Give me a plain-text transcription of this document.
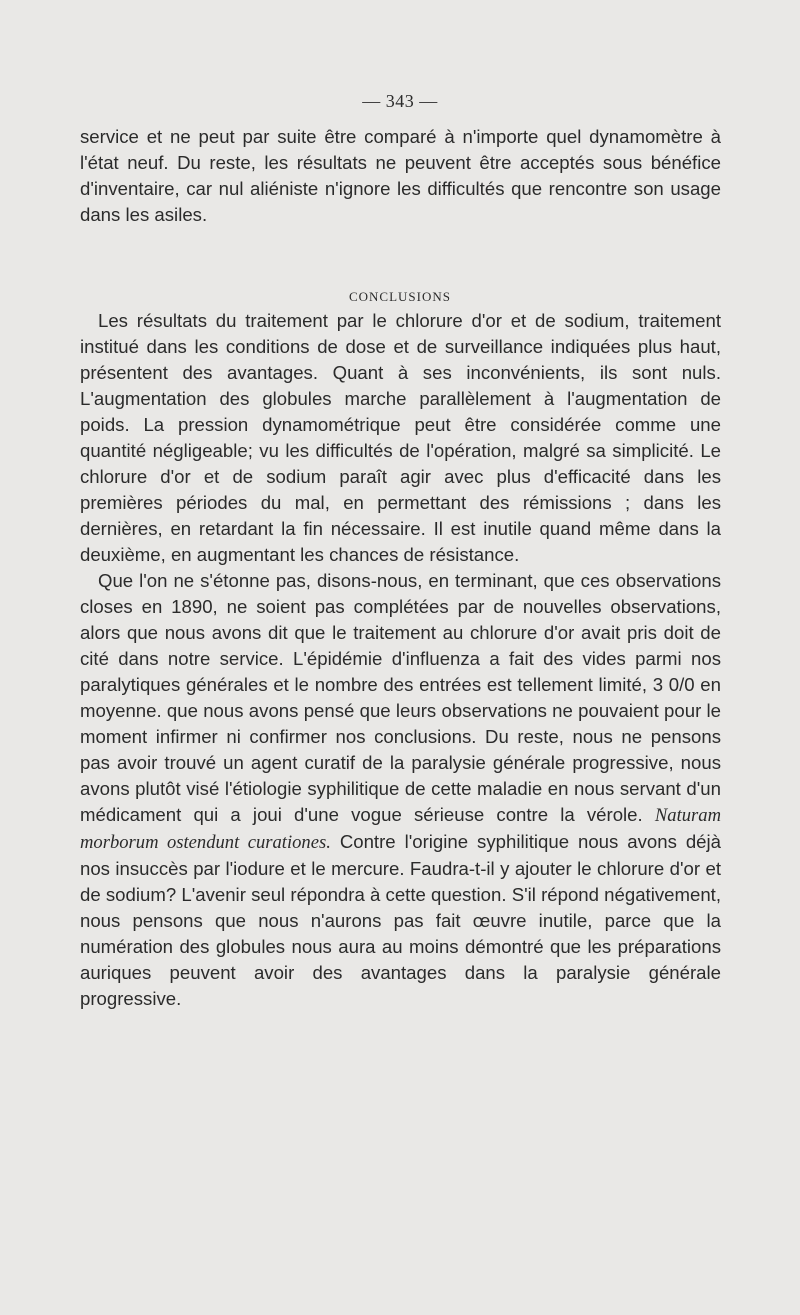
— 343 —

service et ne peut par suite être comparé à n'importe quel dynamomètre à l'état neuf. Du reste, les résultats ne peuvent être acceptés sous bénéfice d'inventaire, car nul aliéniste n'ignore les difficultés que rencontre son usage dans les asiles.

CONCLUSIONS

Les résultats du traitement par le chlorure d'or et de sodium, traitement institué dans les conditions de dose et de surveillance indiquées plus haut, présentent des avantages. Quant à ses inconvénients, ils sont nuls. L'augmentation des globules marche parallèlement à l'augmentation de poids. La pression dynamométrique peut être considérée comme une quantité négligeable; vu les difficultés de l'opération, malgré sa simplicité. Le chlorure d'or et de sodium paraît agir avec plus d'efficacité dans les premières périodes du mal, en permettant des rémissions ; dans les dernières, en retardant la fin nécessaire. Il est inutile quand même dans la deuxième, en augmentant les chances de résistance.

Que l'on ne s'étonne pas, disons-nous, en terminant, que ces observations closes en 1890, ne soient pas complétées par de nouvelles observations, alors que nous avons dit que le traitement au chlorure d'or avait pris doit de cité dans notre service. L'épidémie d'influenza a fait des vides parmi nos paralytiques générales et le nombre des entrées est tellement limité, 3 0/0 en moyenne. que nous avons pensé que leurs observations ne pouvaient pour le moment infirmer ni confirmer nos conclusions. Du reste, nous ne pensons pas avoir trouvé un agent curatif de la paralysie générale progressive, nous avons plutôt visé l'étiologie syphilitique de cette maladie en nous servant d'un médicament qui a joui d'une vogue sérieuse contre la vérole. Naturam morborum ostendunt curationes. Contre l'origine syphilitique nous avons déjà nos insuccès par l'iodure et le mercure. Faudra-t-il y ajouter le chlorure d'or et de sodium? L'avenir seul répondra à cette question. S'il répond négativement, nous pensons que nous n'aurons pas fait œuvre inutile, parce que la numération des globules nous aura au moins démontré que les préparations auriques peuvent avoir des avantages dans la paralysie générale progressive.
